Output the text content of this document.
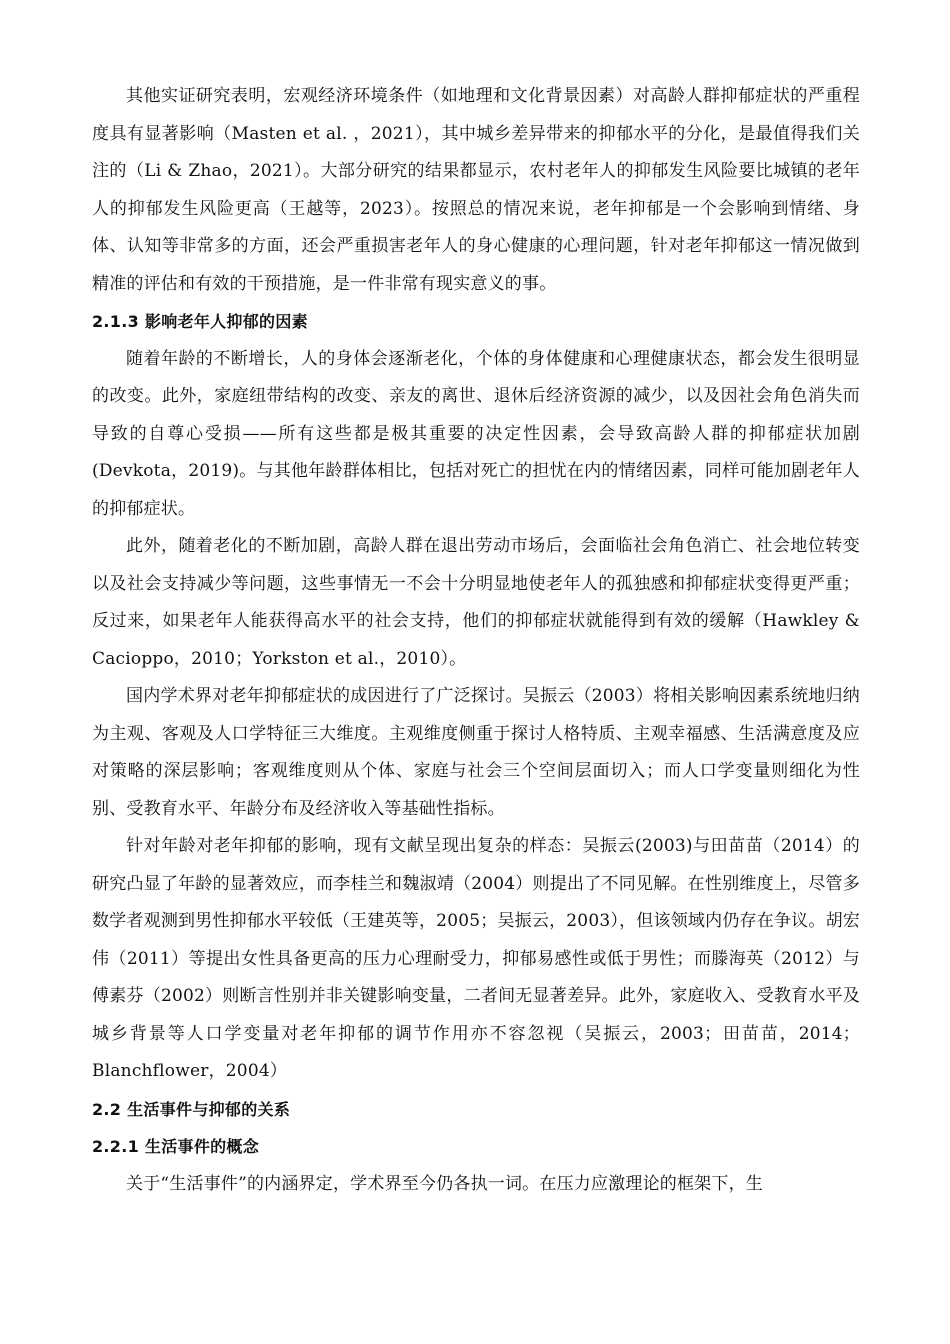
其他实证研究表明，宏观经济环境条件（如地理和文化背景因素）对高龄人群抑郁症状的严重程度具有显著影响（Masten et al. ，2021），其中城乡差异带来的抑郁水平的分化，是最值得我们关注的（Li & Zhao，2021）。大部分研究的结果都显示，农村老年人的抑郁发生风险要比城镇的老年人的抑郁发生风险更高（王越等，2023）。按照总的情况来说，老年抑郁是一个会影响到情绪、身体、认知等非常多的方面，还会严重损害老年人的身心健康的心理问题，针对老年抑郁这一情况做到精准的评估和有效的干预措施，是一件非常有现实意义的事。

2.1.3 影响老年人抑郁的因素

随着年龄的不断增长，人的身体会逐渐老化，个体的身体健康和心理健康状态，都会发生很明显的改变。此外，家庭纽带结构的改变、亲友的离世、退休后经济资源的减少，以及因社会角色消失而导致的自尊心受损——所有这些都是极其重要的决定性因素，会导致高龄人群的抑郁症状加剧 (Devkota，2019)。与其他年龄群体相比，包括对死亡的担忧在内的情绪因素，同样可能加剧老年人的抑郁症状。

此外，随着老化的不断加剧，高龄人群在退出劳动市场后，会面临社会角色消亡、社会地位转变以及社会支持减少等问题，这些事情无一不会十分明显地使老年人的孤独感和抑郁症状变得更严重；反过来，如果老年人能获得高水平的社会支持，他们的抑郁症状就能得到有效的缓解（Hawkley & Cacioppo，2010；Yorkston et al.，2010）。

国内学术界对老年抑郁症状的成因进行了广泛探讨。吴振云（2003）将相关影响因素系统地归纳为主观、客观及人口学特征三大维度。主观维度侧重于探讨人格特质、主观幸福感、生活满意度及应对策略的深层影响；客观维度则从个体、家庭与社会三个空间层面切入；而人口学变量则细化为性别、受教育水平、年龄分布及经济收入等基础性指标。

针对年龄对老年抑郁的影响，现有文献呈现出复杂的样态：吴振云(2003)与田苗苗（2014）的研究凸显了年龄的显著效应，而李桂兰和魏淑靖（2004）则提出了不同见解。在性别维度上，尽管多数学者观测到男性抑郁水平较低（王建英等，2005；吴振云，2003），但该领域内仍存在争议。胡宏伟（2011）等提出女性具备更高的压力心理耐受力，抑郁易感性或低于男性；而滕海英（2012）与傅素芬（2002）则断言性别并非关键影响变量，二者间无显著差异。此外，家庭收入、受教育水平及城乡背景等人口学变量对老年抑郁的调节作用亦不容忽视（吴振云，2003；田苗苗，2014；Blanchflower，2004）

2.2 生活事件与抑郁的关系
2.2.1 生活事件的概念

关于“生活事件”的内涵界定，学术界至今仍各执一词。在压力应激理论的框架下，生
